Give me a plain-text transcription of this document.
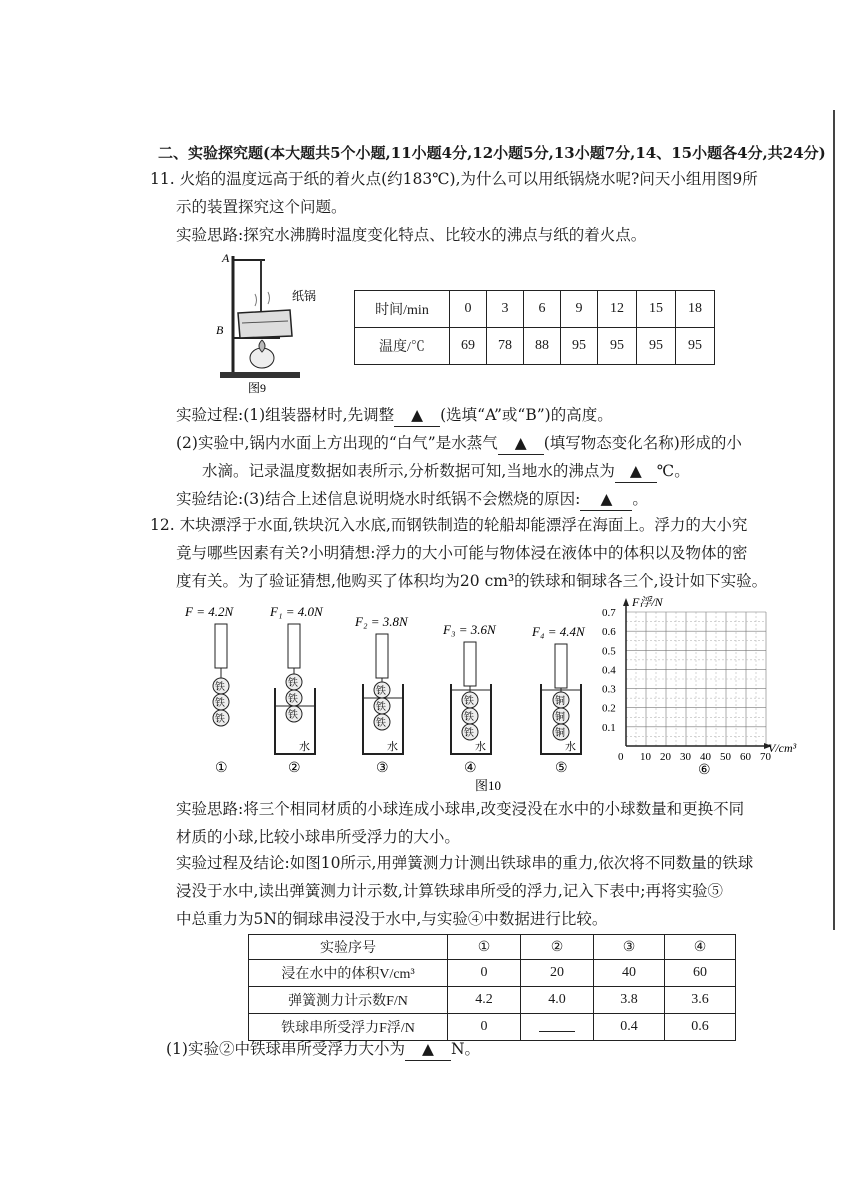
二、实验探究题(本大题共5个小题,11小题4分,12小题5分,13小题7分,14、15小题各4分,共24分)
11. 火焰的温度远高于纸的着火点(约183℃),为什么可以用纸锅烧水呢?问天小组用图9所
示的装置探究这个问题。
实验思路:探究水沸腾时温度变化特点、比较水的沸点与纸的着火点。
A
B
纸锅
图9
时间/min	0	3	6	9	12	15	18
温度/℃	69	78	88	95	95	95	95
实验过程:(1)组装器材时,先调整 ▲ (选填“A”或“B”)的高度。
(2)实验中,锅内水面上方出现的“白气”是水蒸气 ▲ (填写物态变化名称)形成的小
水滴。记录温度数据如表所示,分析数据可知,当地水的沸点为 ▲ ℃。
实验结论:(3)结合上述信息说明烧水时纸锅不会燃烧的原因: ▲ 。
12. 木块漂浮于水面,铁块沉入水底,而钢铁制造的轮船却能漂浮在海面上。浮力的大小究
竟与哪些因素有关?小明猜想:浮力的大小可能与物体浸在液体中的体积以及物体的密
度有关。为了验证猜想,他购买了体积均为20 cm³的铁球和铜球各三个,设计如下实验。
F = 4.2N	F₁ = 4.0N
F₂ = 3.8N
F₃ = 3.6N	F₄ = 4.4N
铁
铁
铁
铁
铁
铁
水
铁
铁
铁
水
铁
铁
铁
水
铜
铜
铜
水
①	②	③	④	⑤
图10
F浮/N
V/cm³
0.1
0.2
0.3
0.4
0.5
0.6
0.7
0 10 20 30 40 50 60 70
⑥
实验思路:将三个相同材质的小球连成小球串,改变浸没在水中的小球数量和更换不同
材质的小球,比较小球串所受浮力的大小。
实验过程及结论:如图10所示,用弹簧测力计测出铁球串的重力,依次将不同数量的铁球
浸没于水中,读出弹簧测力计示数,计算铁球串所受的浮力,记入下表中;再将实验⑤
中总重力为5N的铜球串浸没于水中,与实验④中数据进行比较。
实验序号	①	②	③	④
浸在水中的体积V/cm³	0	20	40	60
弹簧测力计示数F/N	4.2	4.0	3.8	3.6
铁球串所受浮力F浮/N	0		0.4	0.6
(1)实验②中铁球串所受浮力大小为 ▲ N。
